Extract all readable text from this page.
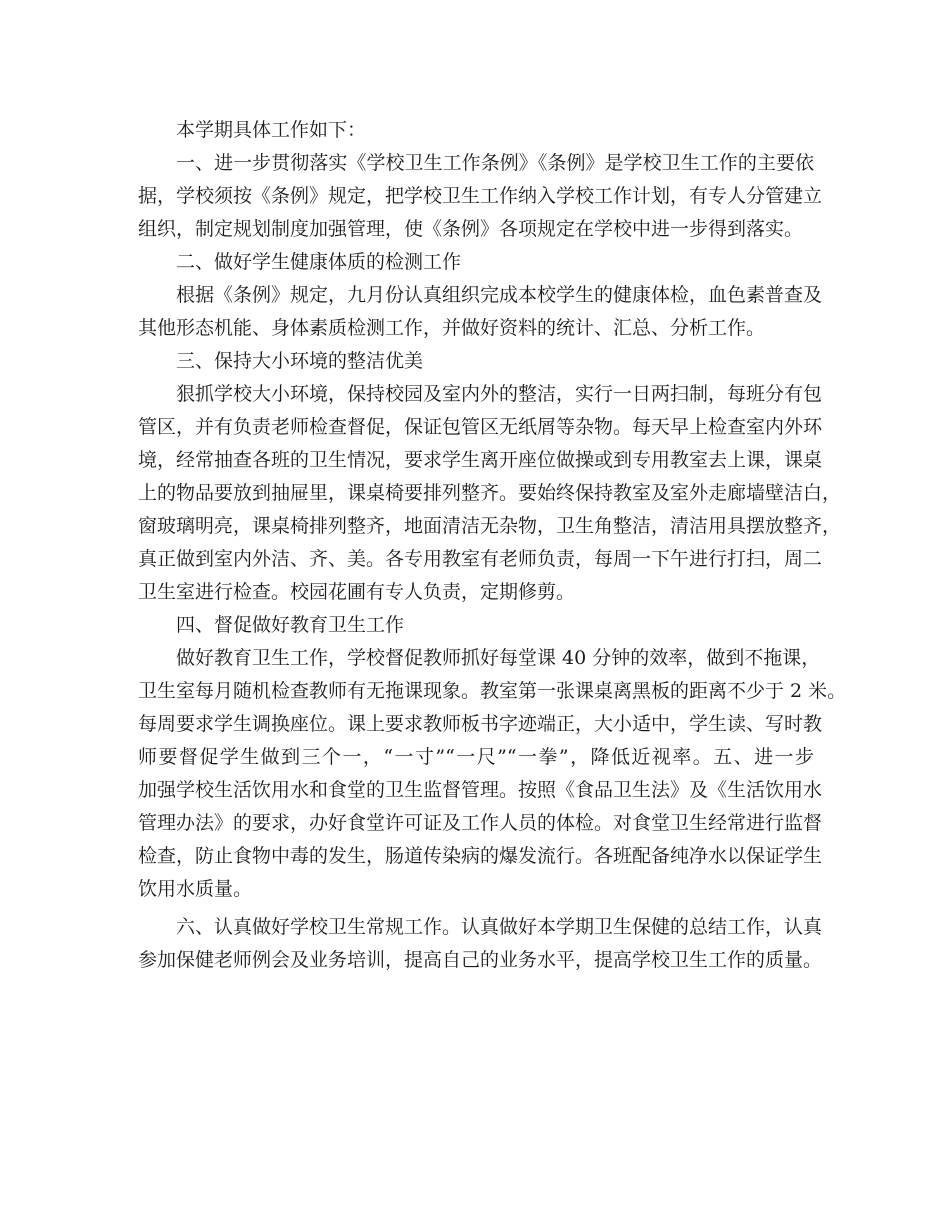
本学期具体工作如下：
一、进一步贯彻落实《学校卫生工作条例》《条例》是学校卫生工作的主要依
据，学校须按《条例》规定，把学校卫生工作纳入学校工作计划，有专人分管建立
组织，制定规划制度加强管理，使《条例》各项规定在学校中进一步得到落实。
二、做好学生健康体质的检测工作
根据《条例》规定，九月份认真组织完成本校学生的健康体检，血色素普查及
其他形态机能、身体素质检测工作，并做好资料的统计、汇总、分析工作。
三、保持大小环境的整洁优美
狠抓学校大小环境，保持校园及室内外的整洁，实行一日两扫制，每班分有包
管区，并有负责老师检查督促，保证包管区无纸屑等杂物。每天早上检查室内外环
境，经常抽查各班的卫生情况，要求学生离开座位做操或到专用教室去上课，课桌
上的物品要放到抽屉里，课桌椅要排列整齐。要始终保持教室及室外走廊墙壁洁白，
窗玻璃明亮，课桌椅排列整齐，地面清洁无杂物，卫生角整洁，清洁用具摆放整齐，
真正做到室内外洁、齐、美。各专用教室有老师负责，每周一下午进行打扫，周二
卫生室进行检查。校园花圃有专人负责，定期修剪。
四、督促做好教育卫生工作
做好教育卫生工作，学校督促教师抓好每堂课 40 分钟的效率，做到不拖课，
卫生室每月随机检查教师有无拖课现象。教室第一张课桌离黑板的距离不少于 2 米。
每周要求学生调换座位。课上要求教师板书字迹端正，大小适中，学生读、写时教
师要督促学生做到三个一，“一寸”“一尺”“一拳”，降低近视率。五、进一步
加强学校生活饮用水和食堂的卫生监督管理。按照《食品卫生法》及《生活饮用水
管理办法》的要求，办好食堂许可证及工作人员的体检。对食堂卫生经常进行监督
检查，防止食物中毒的发生，肠道传染病的爆发流行。各班配备纯净水以保证学生
饮用水质量。
六、认真做好学校卫生常规工作。认真做好本学期卫生保健的总结工作，认真
参加保健老师例会及业务培训，提高自己的业务水平，提高学校卫生工作的质量。
